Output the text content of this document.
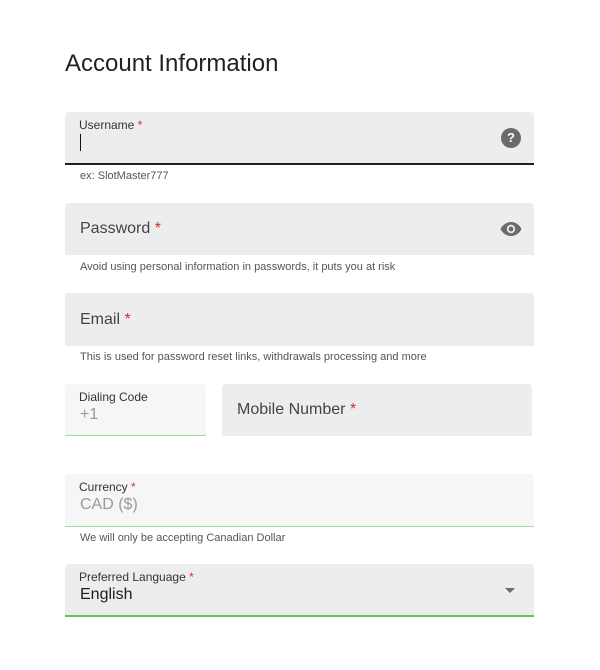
Account Information
Username *
?
ex: SlotMaster777
Password *
Avoid using personal information in passwords, it puts you at risk
Email *
This is used for password reset links, withdrawals processing and more
Dialing Code
+1	Mobile Number *
Currency *
CAD ($)
We will only be accepting Canadian Dollar
Preferred Language *
English
